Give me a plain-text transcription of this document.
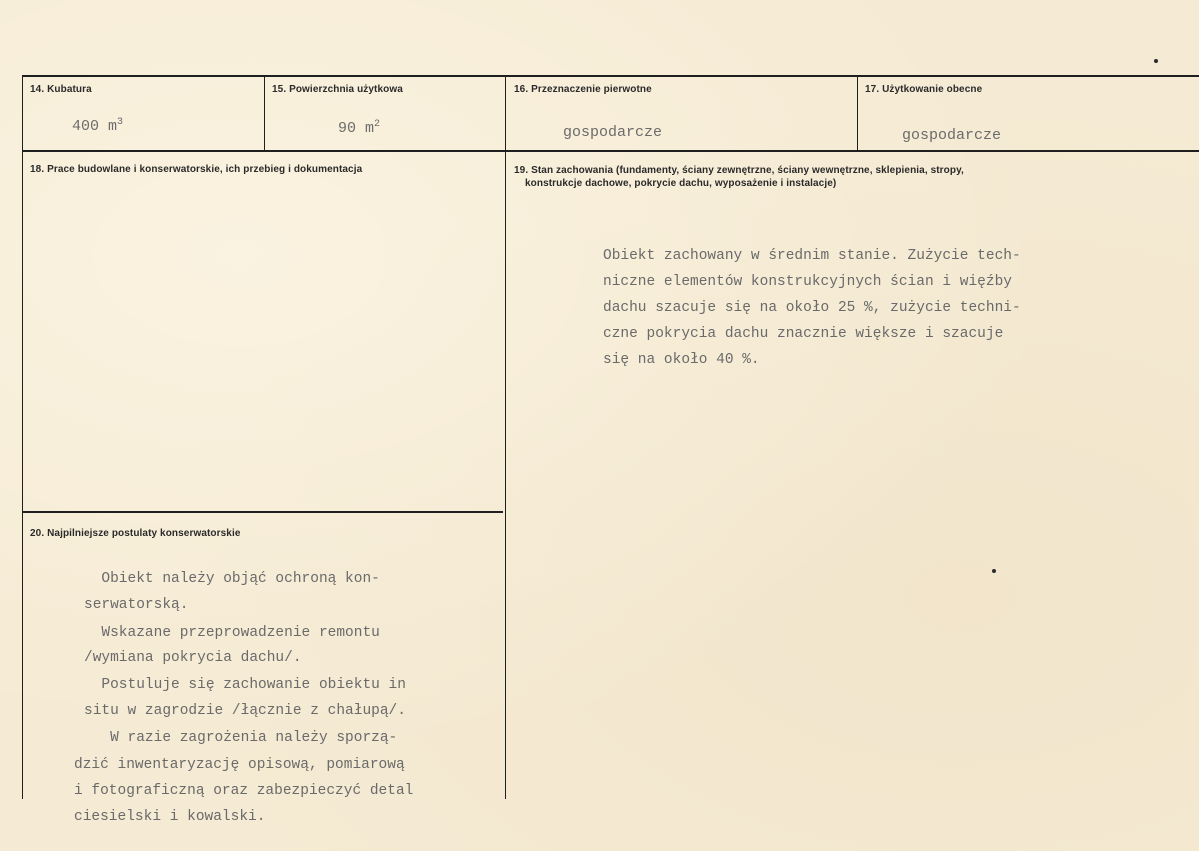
14. Kubatura
400 $m^3$
15. Powierzchnia użytkowa
90 $m^2$
16. Przeznaczenie pierwotne
gospodarcze
17. Użytkowanie obecne
gospodarcze
18. Prace budowlane i konserwatorskie, ich przebieg i dokumentacja	19. Stan zachowania (fundamenty, ściany zewnętrzne, ściany wewnętrzne, sklepienia, stropy,
konstrukcje dachowe, pokrycie dachu, wyposażenie i instalacje)
Obiekt zachowany w średnim stanie. Zużycie tech-
niczne elementów konstrukcyjnych ścian i więźby
dachu szacuje się na około 25 %, zużycie techni-
czne pokrycia dachu znacznie większe i szacuje
się na około 40 %.
20. Najpilniejsze postulaty konserwatorskie
Obiekt należy objąć ochroną kon-
serwatorską.
Wskazane przeprowadzenie remontu
/wymiana pokrycia dachu/.
Postuluje się zachowanie obiektu in
situ w zagrodzie /łącznie z chałupą/.
W razie zagrożenia należy sporzą-
dzić inwentaryzację opisową, pomiarową
i fotograficzną oraz zabezpieczyć detal
ciesielski i kowalski.
